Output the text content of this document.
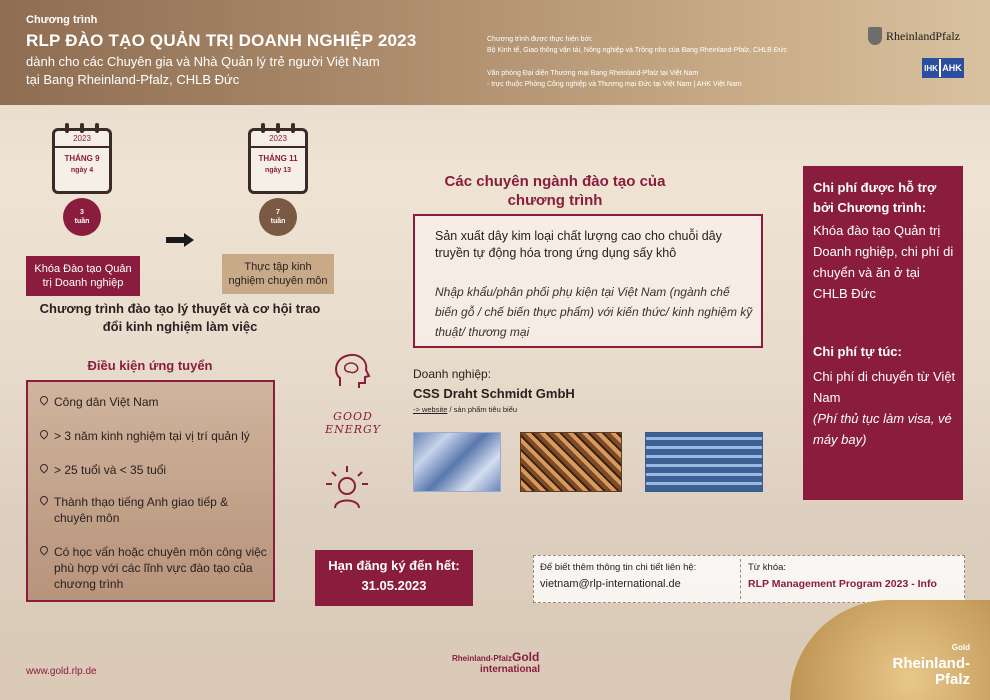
Chương trình
RLP ĐÀO TẠO QUẢN TRỊ DOANH NGHIỆP 2023
dành cho các Chuyên gia và Nhà Quản lý trẻ người Việt Nam
tại Bang Rheinland-Pfalz, CHLB Đức
Chương trình được thực hiện bởi:
Bộ Kinh tế, Giao thông vận tải, Nông nghiệp và Trồng nho của Bang Rheinland-Pfalz, CHLB Đức
Văn phòng Đại diện Thương mại Bang Rheinland-Pfalz tại Việt Nam
- trực thuộc Phòng Công nghiệp và Thương mại Đức tại Việt Nam | AHK Việt Nam
RheinlandPfalz
IHK AHK
2023
THÁNG 9
ngày 4
3
tuần
Khóa Đào tạo Quản trị Doanh nghiệp
2023
THÁNG 11
ngày 13
7
tuần
Thực tập kinh nghiệm chuyên môn
Chương trình đào tạo lý thuyết và cơ hội trao đổi kinh nghiệm làm việc
Điều kiện ứng tuyển
Công dân Việt Nam
> 3 năm kinh nghiệm tại vị trí quản lý
> 25 tuổi và < 35 tuổi
Thành thạo tiếng Anh giao tiếp & chuyên môn
Có học vấn hoặc chuyên môn công việc phù hợp với các lĩnh vực đào tạo của chương trình
GOOD ENERGY
Các chuyên ngành đào tạo của chương trình
Sản xuất dây kim loại chất lượng cao cho chuỗi dây truyền tự động hóa trong ứng dụng sấy khô
Nhập khẩu/phân phối phụ kiện tại Việt Nam (ngành chế biến gỗ / chế biến thực phẩm) với kiến thức/ kinh nghiệm kỹ thuật/ thương mại
Doanh nghiệp:
CSS Draht Schmidt GmbH
-> website / sản phẩm tiêu biểu
Chi phí được hỗ trợ bởi Chương trình:
Khóa đào tạo Quản trị Doanh nghiệp, chi phí di chuyển và ăn ở tại CHLB Đức
Chi phí tự túc:
Chi phí di chuyển từ Việt Nam
(Phí thủ tục làm visa, vé máy bay)
Hạn đăng ký đến hết:
31.05.2023
Để biết thêm thông tin chi tiết liên hệ:
vietnam@rlp-international.de
Từ khóa:
RLP Management Program 2023 - Info
www.gold.rlp.de
Rheinland-PfalzGold
international
Gold
Rheinland-
Pfalz
